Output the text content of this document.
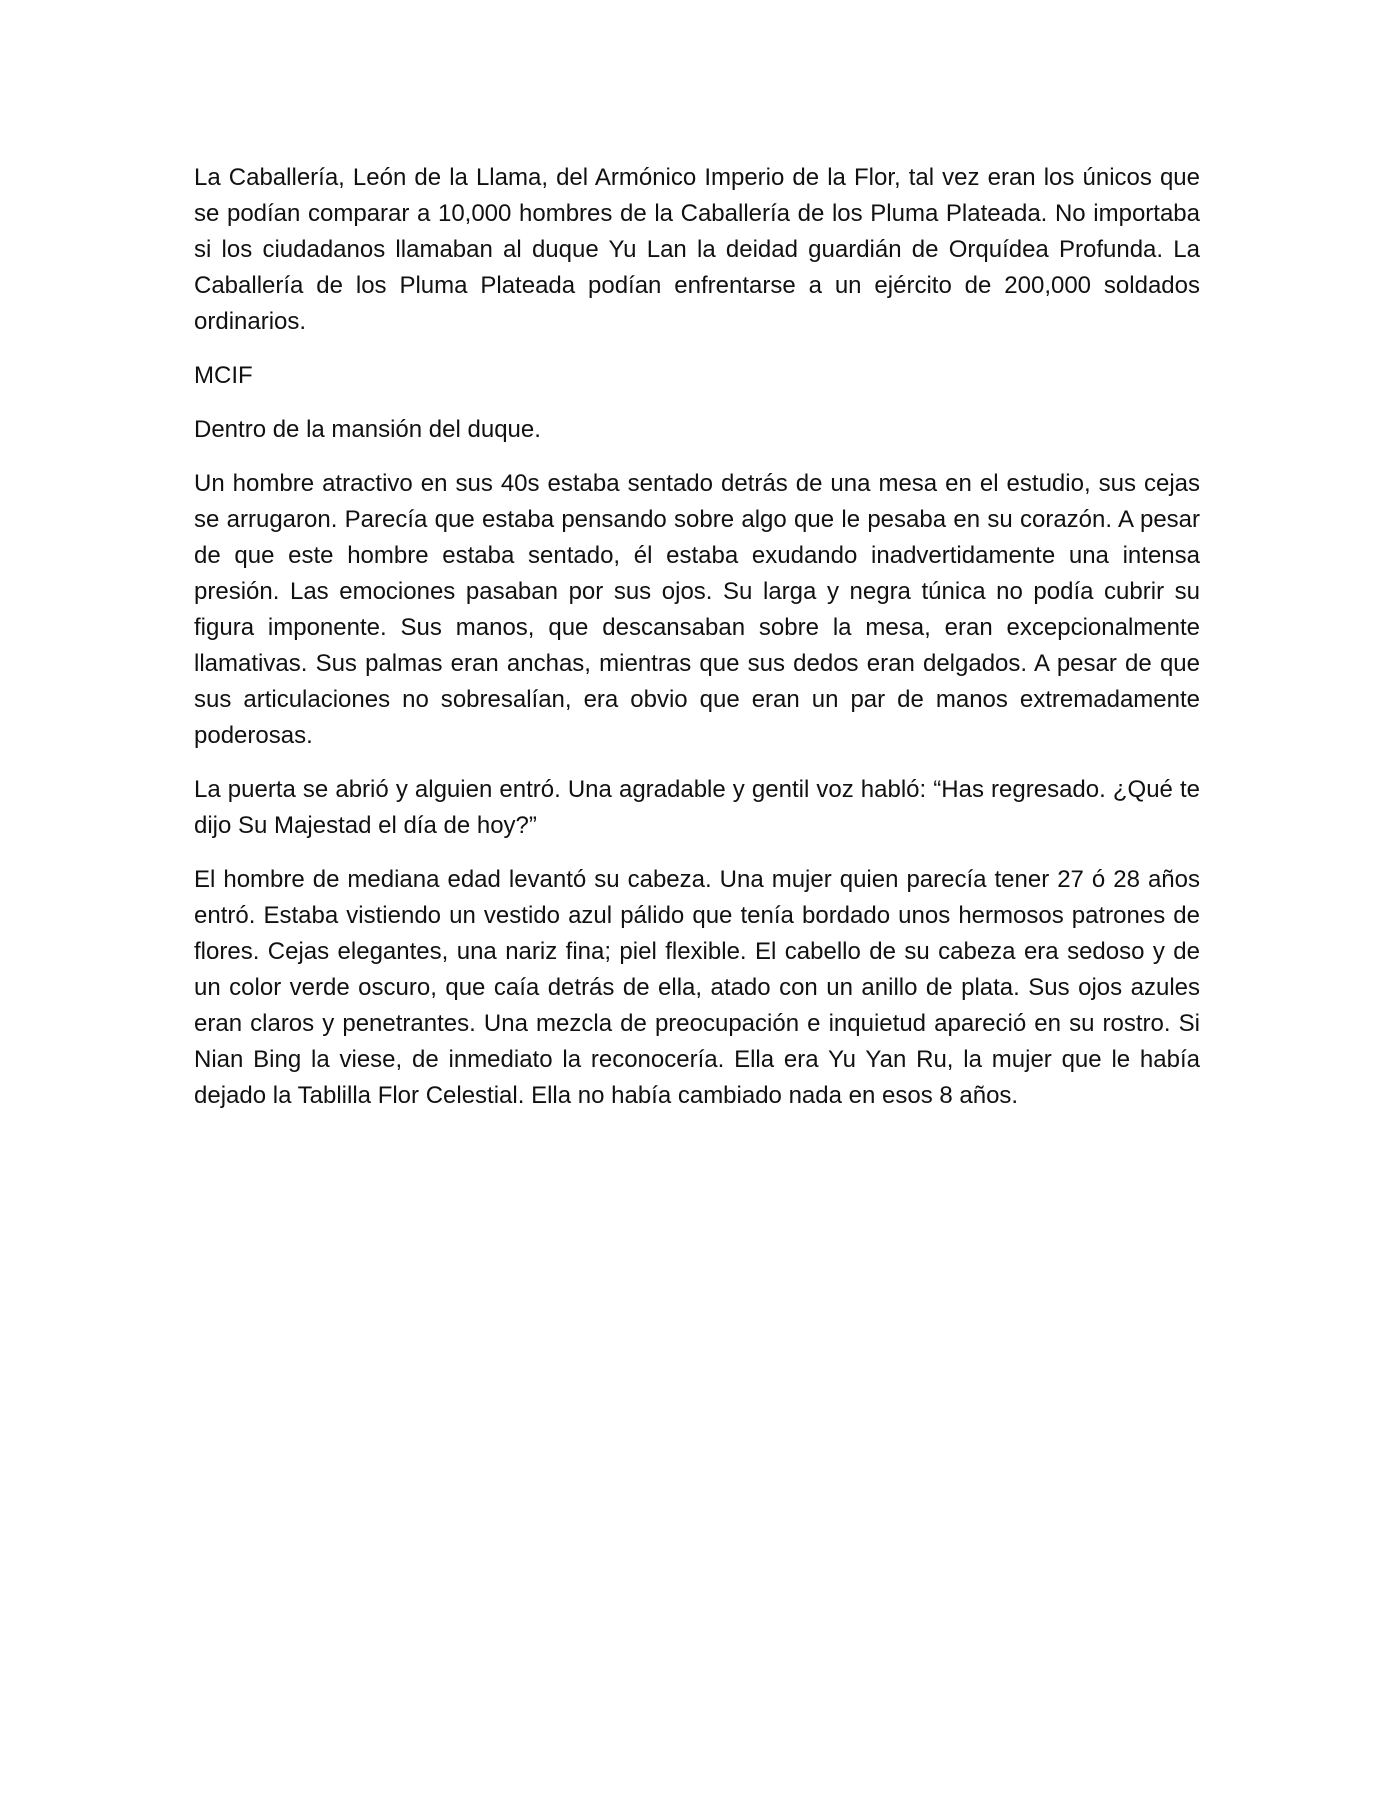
La Caballería, León de la Llama, del Armónico Imperio de la Flor, tal vez eran los únicos que se podían comparar a 10,000 hombres de la Caballería de los Pluma Plateada. No importaba si los ciudadanos llamaban al duque Yu Lan la deidad guardián de Orquídea Profunda. La Caballería de los Pluma Plateada podían enfrentarse a un ejército de 200,000 soldados ordinarios.

MCIF

Dentro de la mansión del duque.

Un hombre atractivo en sus 40s estaba sentado detrás de una mesa en el estudio, sus cejas se arrugaron. Parecía que estaba pensando sobre algo que le pesaba en su corazón. A pesar de que este hombre estaba sentado, él estaba exudando inadvertidamente una intensa presión. Las emociones pasaban por sus ojos. Su larga y negra túnica no podía cubrir su figura imponente. Sus manos, que descansaban sobre la mesa, eran excepcionalmente llamativas. Sus palmas eran anchas, mientras que sus dedos eran delgados. A pesar de que sus articulaciones no sobresalían, era obvio que eran un par de manos extremadamente poderosas.

La puerta se abrió y alguien entró. Una agradable y gentil voz habló: “Has regresado. ¿Qué te dijo Su Majestad el día de hoy?”

El hombre de mediana edad levantó su cabeza. Una mujer quien parecía tener 27 ó 28 años entró. Estaba vistiendo un vestido azul pálido que tenía bordado unos hermosos patrones de flores. Cejas elegantes, una nariz fina; piel flexible. El cabello de su cabeza era sedoso y de un color verde oscuro, que caía detrás de ella, atado con un anillo de plata. Sus ojos azules eran claros y penetrantes. Una mezcla de preocupación e inquietud apareció en su rostro. Si Nian Bing la viese, de inmediato la reconocería. Ella era Yu Yan Ru, la mujer que le había dejado la Tablilla Flor Celestial. Ella no había cambiado nada en esos 8 años.
